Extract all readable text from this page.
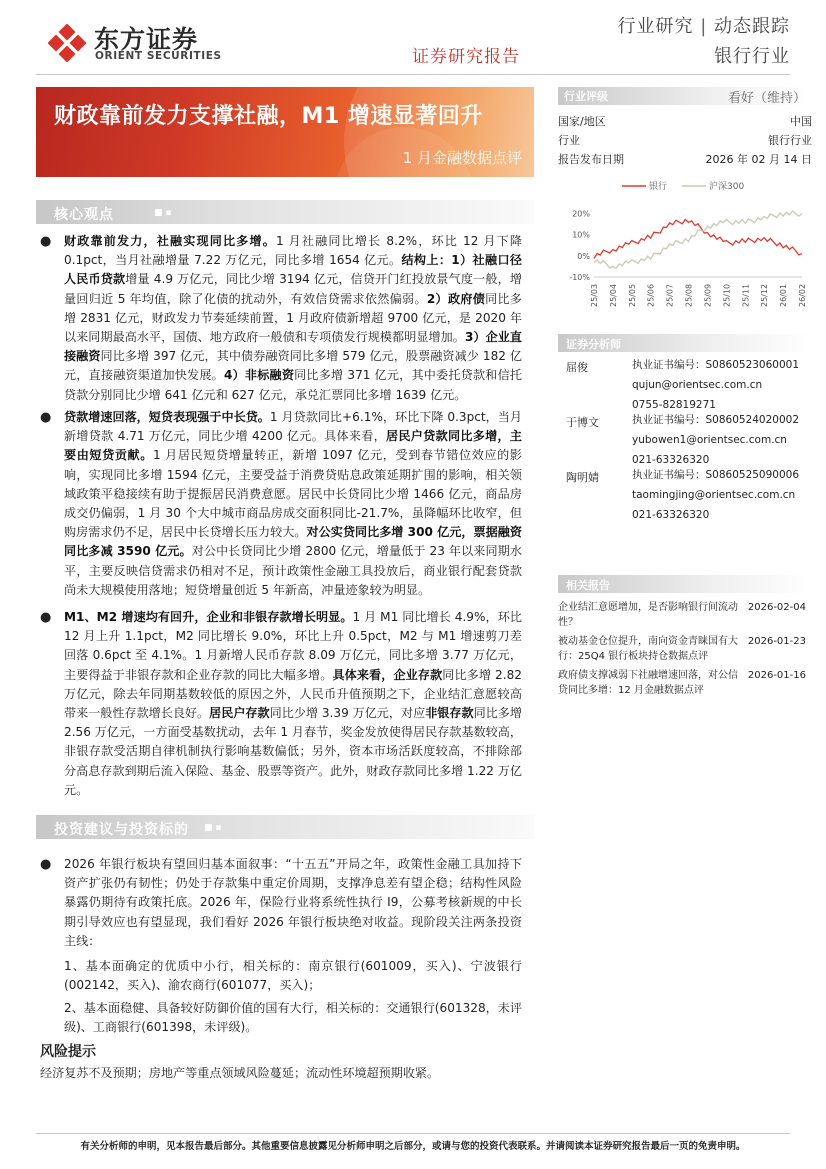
东方证券
ORIENT SECURITIES	证券研究报告
行业研究 | 动态跟踪
银行行业
财政靠前发力支撑社融，M1 增速显著回升
1 月金融数据点评
行业评级	看好（维持）
国家/地区	中国
行业	银行行业
报告发布日期	2026 年 02 月 14 日
银行	沪深300
20%
10%
0%
-10%
25/03 25/04 25/05 25/06 25/07 25/08 25/09 25/10 25/11 25/12 26/01 26/02
证券分析师
屈俊	执业证书编号：S0860523060001
qujun@orientsec.com.cn
0755-82819271
于博文	执业证书编号：S0860524020002
yubowen1@orientsec.com.cn
021-63326320
陶明婧	执业证书编号：S0860525090006
taomingjing@orientsec.com.cn
021-63326320
相关报告
企业结汇意愿增加，是否影响银行间流动
性？
2026-02-04
被动基金仓位提升，南向资金青睐国有大
行：25Q4 银行板块持仓数据点评
2026-01-23
政府债支撑减弱下社融增速回落，对公信
贷同比多增：12 月金融数据点评
2026-01-16
核心观点	■ ▪
● 财政靠前发力，社融实现同比多增。1 月社融同比增长 8.2%，环比 12 月下降 0.1pct，当月社融增量 7.22 万亿元，同比多增 1654 亿元。结构上：1）社融口径人民币贷款增量 4.9 万亿元，同比少增 3194 亿元，信贷开门红投放景气度一般，增量回归近 5 年均值，除了化债的扰动外，有效信贷需求依然偏弱。2）政府债同比多增 2831 亿元，财政发力节奏延续前置，1 月政府债新增超 9700 亿元，是 2020 年以来同期最高水平，国债、地方政府一般债和专项债发行规模都明显增加。3）企业直接融资同比多增 397 亿元，其中债券融资同比多增 579 亿元，股票融资减少 182 亿元，直接融资渠道加快发展。4）非标融资同比多增 371 亿元，其中委托贷款和信托贷款分别同比少增 641 亿元和 627 亿元，承兑汇票同比多增 1639 亿元。
● 贷款增速回落，短贷表现强于中长贷。1 月贷款同比+6.1%，环比下降 0.3pct，当月新增贷款 4.71 万亿元，同比少增 4200 亿元。具体来看，居民户贷款同比多增，主要由短贷贡献。1 月居民短贷增量转正，新增 1097 亿元，受到春节错位效应的影响，实现同比多增 1594 亿元，主要受益于消费贷贴息政策延期扩围的影响，相关领域政策平稳接续有助于提振居民消费意愿。居民中长贷同比少增 1466 亿元，商品房成交仍偏弱，1 月 30 个大中城市商品房成交面积同比-21.7%，虽降幅环比收窄，但购房需求仍不足，居民中长贷增长压力较大。对公实贷同比多增 300 亿元，票据融资同比多减 3590 亿元。对公中长贷同比少增 2800 亿元，增量低于 23 年以来同期水平，主要反映信贷需求仍相对不足，预计政策性金融工具投放后，商业银行配套贷款尚未大规模使用落地；短贷增量创近 5 年新高，冲量迹象较为明显。
● M1、M2 增速均有回升，企业和非银存款增长明显。1 月 M1 同比增长 4.9%，环比 12 月上升 1.1pct，M2 同比增长 9.0%，环比上升 0.5pct，M2 与 M1 增速剪刀差回落 0.6pct 至 4.1%。1 月新增人民币存款 8.09 万亿元，同比多增 3.77 万亿元，主要得益于非银存款和企业存款的同比大幅多增。具体来看，企业存款同比多增 2.82 万亿元，除去年同期基数较低的原因之外，人民币升值预期之下，企业结汇意愿较高带来一般性存款增长良好。居民户存款同比少增 3.39 万亿元，对应非银存款同比多增 2.56 万亿元，一方面受基数扰动，去年 1 月春节，奖金发放使得居民存款基数较高，非银存款受活期自律机制执行影响基数偏低；另外，资本市场活跃度较高，不排除部分高息存款到期后流入保险、基金、股票等资产。此外，财政存款同比多增 1.22 万亿元。
投资建议与投资标的 ■ ▪
● 2026 年银行板块有望回归基本面叙事：“十五五”开局之年，政策性金融工具加持下资产扩张仍有韧性；仍处于存款集中重定价周期，支撑净息差有望企稳；结构性风险暴露仍期待有政策托底。2026 年，保险行业将系统性执行 I9，公募考核新规的中长期引导效应也有望显现，我们看好 2026 年银行板块绝对收益。现阶段关注两条投资主线：
1、基本面确定的优质中小行，相关标的：南京银行(601009，买入)、宁波银行(002142，买入)、渝农商行(601077，买入)；
2、基本面稳健、具备较好防御价值的国有大行，相关标的：交通银行(601328，未评级)、工商银行(601398，未评级)。
风险提示
经济复苏不及预期；房地产等重点领域风险蔓延；流动性环境超预期收紧。
有关分析师的申明，见本报告最后部分。其他重要信息披露见分析师申明之后部分，或请与您的投资代表联系。并请阅读本证券研究报告最后一页的免责申明。
